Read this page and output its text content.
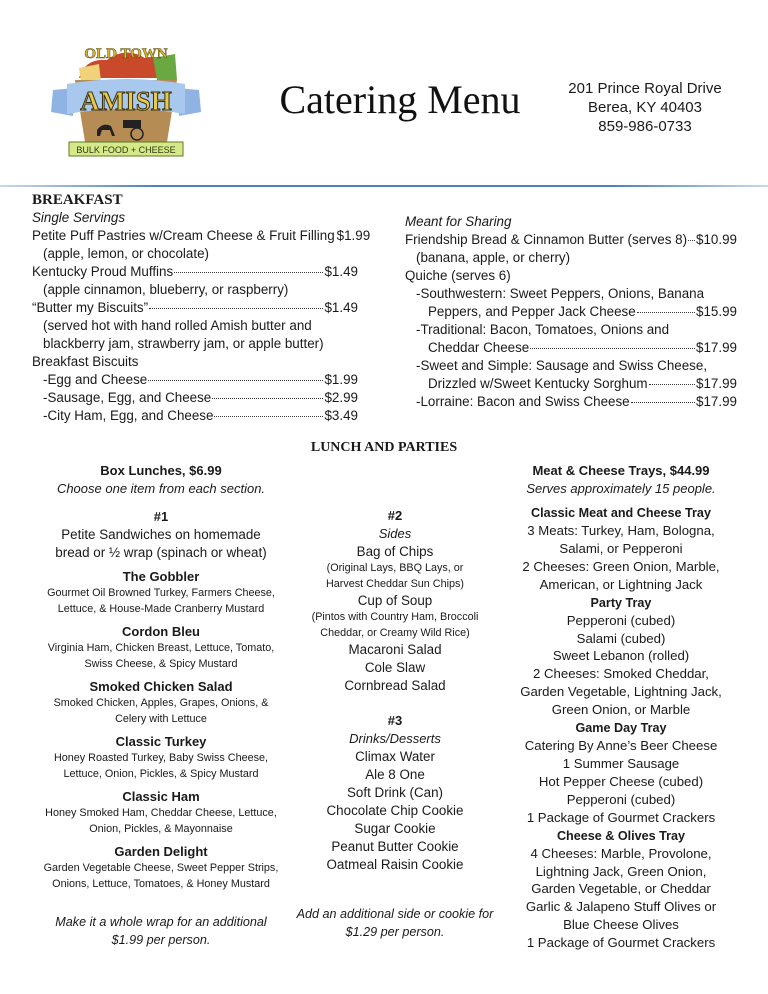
OLD TOWN
AMISH
BULK FOOD + CHEESE
Catering Menu	201 Prince Royal Drive
Berea, KY 40403
859-986-0733
BREAKFAST
Single Servings
Petite Puff Pastries w/Cream Cheese & Fruit Filling $1.99
(apple, lemon, or chocolate)
Kentucky Proud Muffins	$1.49
(apple cinnamon, blueberry, or raspberry)
“Butter my Biscuits”	$1.49
(served hot with hand rolled Amish butter and
blackberry jam, strawberry jam, or apple butter)
Breakfast Biscuits
-Egg and Cheese	$1.99
-Sausage, Egg, and Cheese	$2.99
-City Ham, Egg, and Cheese	$3.49
Meant for Sharing
Friendship Bread & Cinnamon Butter (serves 8) $10.99
(banana, apple, or cherry)
Quiche (serves 6)
-Southwestern: Sweet Peppers, Onions, Banana
Peppers, and Pepper Jack Cheese	$15.99
-Traditional: Bacon, Tomatoes, Onions and
Cheddar Cheese	$17.99
-Sweet and Simple: Sausage and Swiss Cheese,
Drizzled w/Sweet Kentucky Sorghum	$17.99
-Lorraine: Bacon and Swiss Cheese	$17.99
LUNCH AND PARTIES
Box Lunches, $6.99
Choose one item from each section.
#1
Petite Sandwiches on homemade
bread or ½ wrap (spinach or wheat)
The Gobbler
Gourmet Oil Browned Turkey, Farmers Cheese,
Lettuce, & House-Made Cranberry Mustard
Cordon Bleu
Virginia Ham, Chicken Breast, Lettuce, Tomato,
Swiss Cheese, & Spicy Mustard
Smoked Chicken Salad
Smoked Chicken, Apples, Grapes, Onions, &
Celery with Lettuce
Classic Turkey
Honey Roasted Turkey, Baby Swiss Cheese,
Lettuce, Onion, Pickles, & Spicy Mustard
Classic Ham
Honey Smoked Ham, Cheddar Cheese, Lettuce,
Onion, Pickles, & Mayonnaise
Garden Delight
Garden Vegetable Cheese, Sweet Pepper Strips,
Onions, Lettuce, Tomatoes, & Honey Mustard
Make it a whole wrap for an additional
$1.99 per person.
#2
Sides
Bag of Chips
(Original Lays, BBQ Lays, or
Harvest Cheddar Sun Chips)
Cup of Soup
(Pintos with Country Ham, Broccoli
Cheddar, or Creamy Wild Rice)
Macaroni Salad
Cole Slaw
Cornbread Salad
#3
Drinks/Desserts
Climax Water
Ale 8 One
Soft Drink (Can)
Chocolate Chip Cookie
Sugar Cookie
Peanut Butter Cookie
Oatmeal Raisin Cookie
Add an additional side or cookie for
$1.29 per person.
Meat & Cheese Trays, $44.99
Serves approximately 15 people.
Classic Meat and Cheese Tray
3 Meats: Turkey, Ham, Bologna,
Salami, or Pepperoni
2 Cheeses: Green Onion, Marble,
American, or Lightning Jack
Party Tray
Pepperoni (cubed)
Salami (cubed)
Sweet Lebanon (rolled)
2 Cheeses: Smoked Cheddar,
Garden Vegetable, Lightning Jack,
Green Onion, or Marble
Game Day Tray
Catering By Anne’s Beer Cheese
1 Summer Sausage
Hot Pepper Cheese (cubed)
Pepperoni (cubed)
1 Package of Gourmet Crackers
Cheese & Olives Tray
4 Cheeses: Marble, Provolone,
Lightning Jack, Green Onion,
Garden Vegetable, or Cheddar
Garlic & Jalapeno Stuff Olives or
Blue Cheese Olives
1 Package of Gourmet Crackers
